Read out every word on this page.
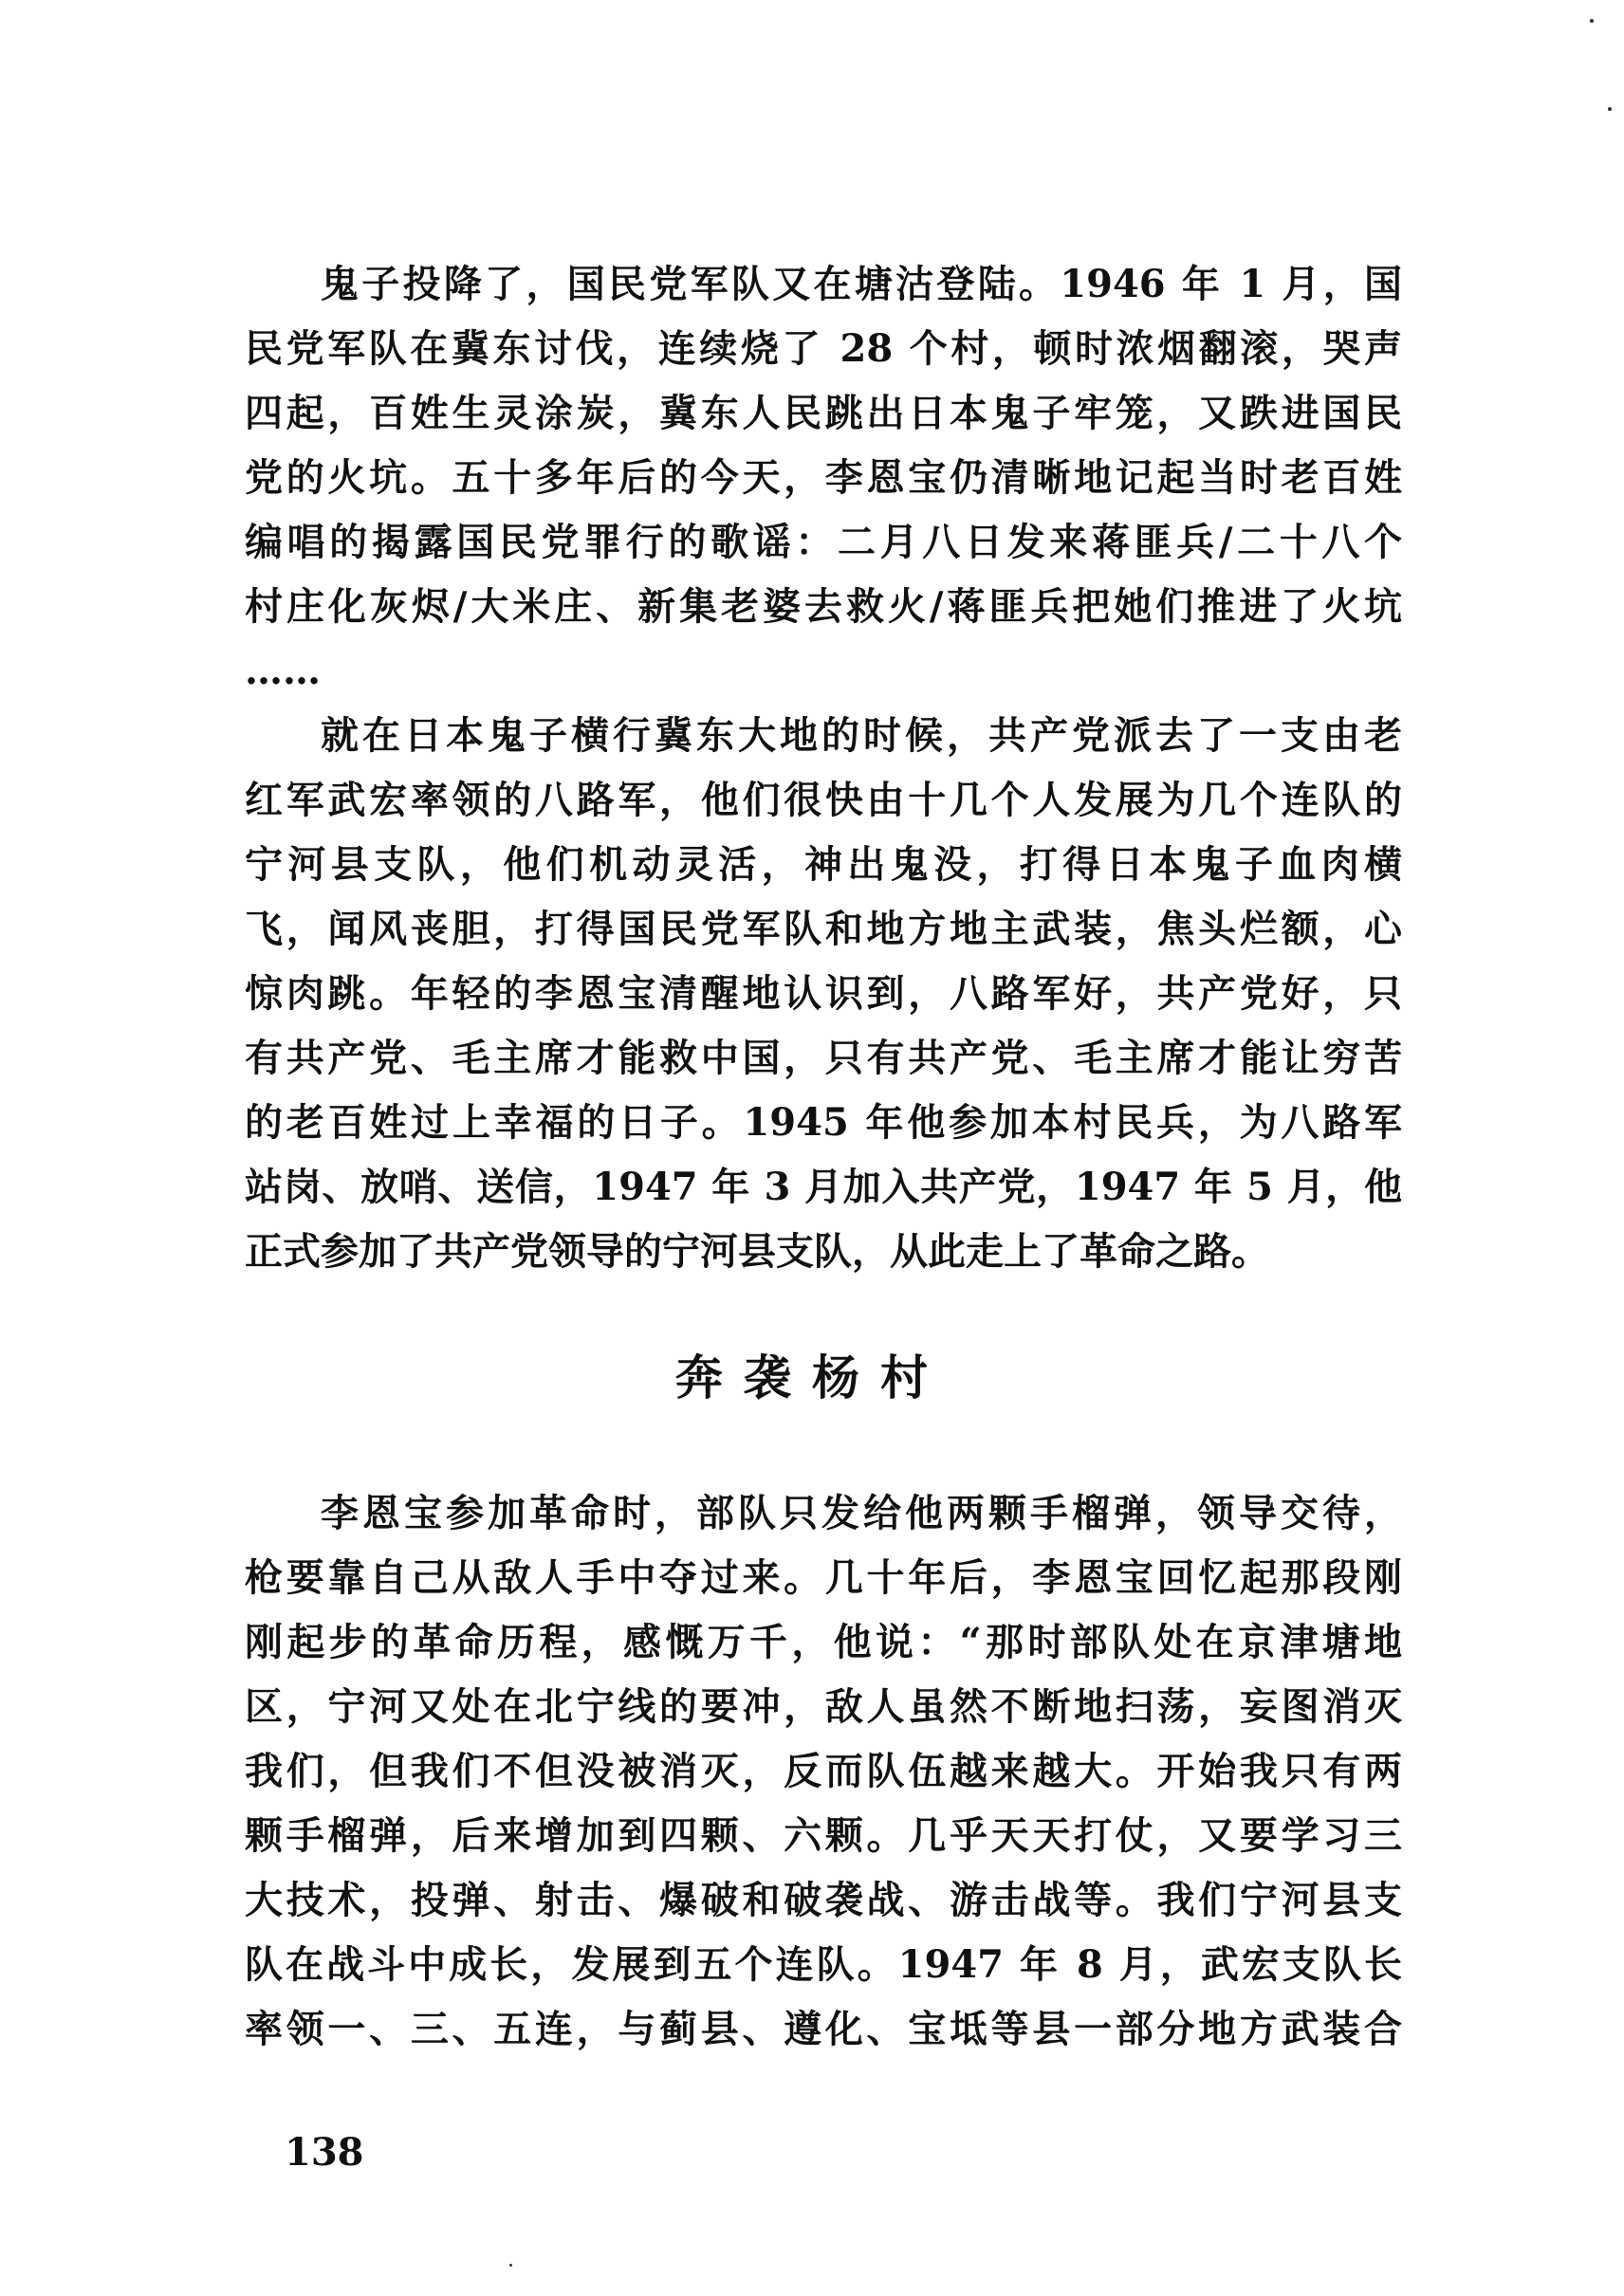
鬼子投降了，国民党军队又在塘沽登陆。1946 年 1 月，国
民党军队在冀东讨伐，连续烧了 28 个村，顿时浓烟翻滚，哭声
四起，百姓生灵涂炭，冀东人民跳出日本鬼子牢笼，又跌进国民
党的火坑。五十多年后的今天，李恩宝仍清晰地记起当时老百姓
编唱的揭露国民党罪行的歌谣：二月八日发来蒋匪兵/二十八个
村庄化灰烬/大米庄、新集老婆去救火/蒋匪兵把她们推进了火坑
……
就在日本鬼子横行冀东大地的时候，共产党派去了一支由老
红军武宏率领的八路军，他们很快由十几个人发展为几个连队的
宁河县支队，他们机动灵活，神出鬼没，打得日本鬼子血肉横
飞，闻风丧胆，打得国民党军队和地方地主武装，焦头烂额，心
惊肉跳。年轻的李恩宝清醒地认识到，八路军好，共产党好，只
有共产党、毛主席才能救中国，只有共产党、毛主席才能让穷苦
的老百姓过上幸福的日子。1945 年他参加本村民兵，为八路军
站岗、放哨、送信，1947 年 3 月加入共产党，1947 年 5 月，他
正式参加了共产党领导的宁河县支队，从此走上了革命之路。
奔袭杨村
李恩宝参加革命时，部队只发给他两颗手榴弹，领导交待，
枪要靠自己从敌人手中夺过来。几十年后，李恩宝回忆起那段刚
刚起步的革命历程，感慨万千，他说：“那时部队处在京津塘地
区，宁河又处在北宁线的要冲，敌人虽然不断地扫荡，妄图消灭
我们，但我们不但没被消灭，反而队伍越来越大。开始我只有两
颗手榴弹，后来增加到四颗、六颗。几乎天天打仗，又要学习三
大技术，投弹、射击、爆破和破袭战、游击战等。我们宁河县支
队在战斗中成长，发展到五个连队。1947 年 8 月，武宏支队长
率领一、三、五连，与蓟县、遵化、宝坻等县一部分地方武装合
138
